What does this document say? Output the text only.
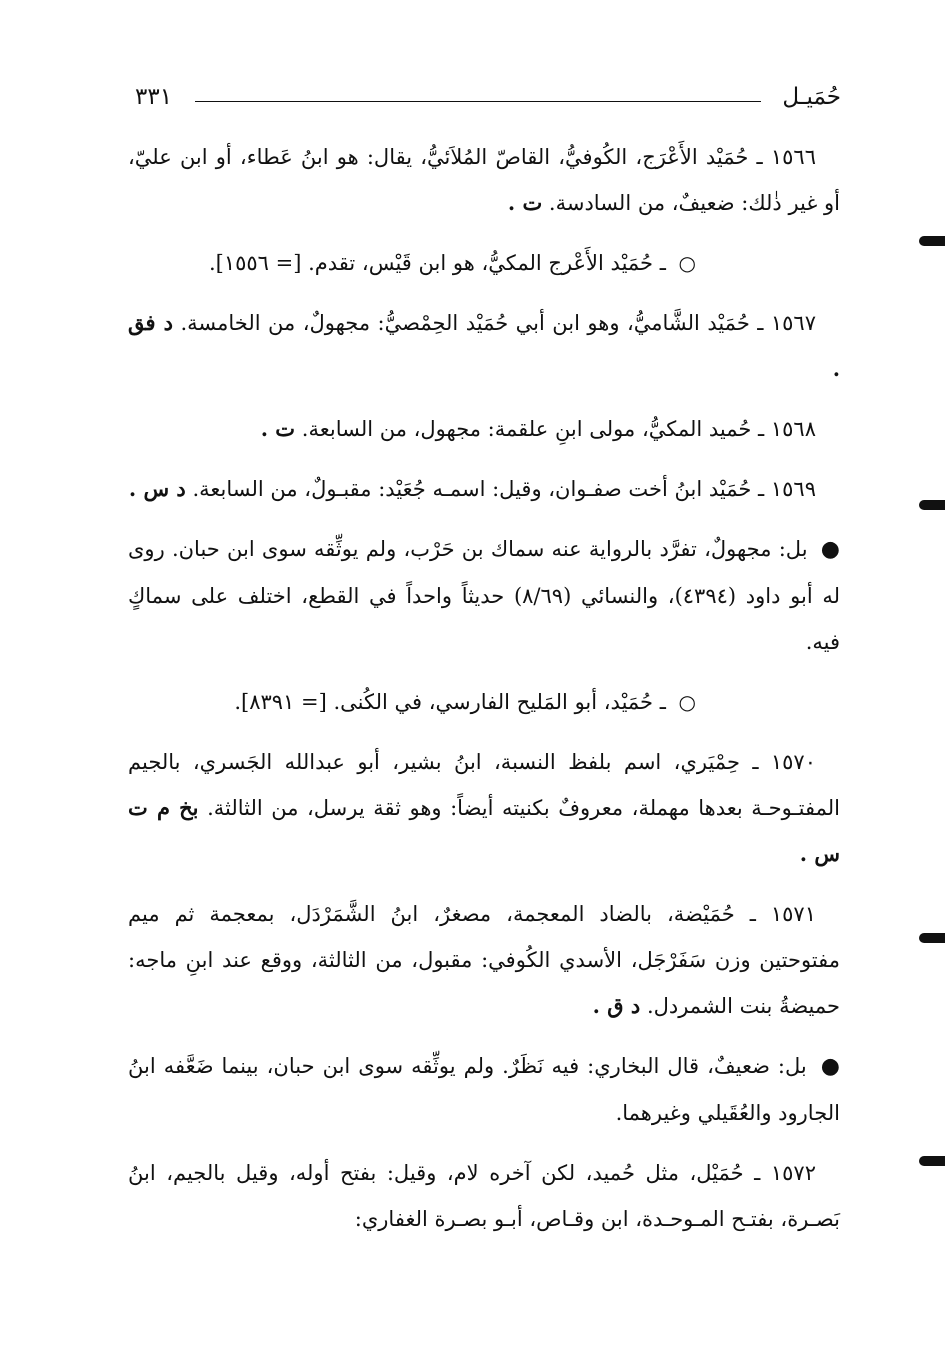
حُمَيـل
٣٣١

١٥٦٦ ـ حُمَيْد الأَعْرَج، الكُوفيُّ، القاصّ المُلاَئيُّ، يقال: هو ابنُ عَطاء، أو ابن عليّ، أو غير ذٰلك: ضعيفٌ، من السادسة. ت .

○ ـ حُمَيْد الأَعْرج المكيُّ، هو ابن قَيْس، تقدم. [= ١٥٥٦].

١٥٦٧ ـ حُمَيْد الشَّاميُّ، وهو ابن أبي حُمَيْد الحِمْصيُّ: مجهولٌ، من الخامسة. د فق .

١٥٦٨ ـ حُميد المكيُّ، مولى ابنِ علقمة: مجهول، من السابعة. ت .

١٥٦٩ ـ حُمَيْد ابنُ أخت صفـوان، وقيل: اسمـه جُعَيْد: مقبـولٌ، من السابعة. د س .

● بل: مجهولٌ، تفرَّد بالرواية عنه سماك بن حَرْب، ولم يوثِّقه سوى ابن حبان. روى له أبو داود (٤٣٩٤)، والنسائي (٨/٦٩) حديثاً واحداً في القطع، اختلف على سماكٍ فيه.

○ ـ حُمَيْد، أبو المَليح الفارسي، في الكُنى. [= ٨٣٩١].

١٥٧٠ ـ حِمْيَري، اسم بلفظ النسبة، ابنُ بشير، أبو عبدالله الجَسري، بالجيم المفتـوحـة بعدها مهملة، معروفٌ بكنيته أيضاً: وهو ثقة يرسل، من الثالثة. بخ م ت س .

١٥٧١ ـ حُمَيْضة، بالضاد المعجمة، مصغرٌ، ابنُ الشَّمَرْدَل، بمعجمة ثم ميم مفتوحتين وزن سَفَرْجَل، الأسدي الكُوفي: مقبول، من الثالثة، ووقع عند ابنِ ماجه: حميضةُ بنت الشمردل. د ق .

● بل: ضعيفٌ، قال البخاري: فيه نَظَرٌ. ولم يوثِّقه سوى ابن حبان، بينما ضَعَّفه ابنُ الجارود والعُقَيلي وغيرهما.

١٥٧٢ ـ حُمَيْل، مثل حُميد، لكن آخره لام، وقيل: بفتح أوله، وقيل بالجيم، ابنُ بَصـرة، بفتـح المـوحـدة، ابن وقـاص، أبـو بصـرة الغفاري:
